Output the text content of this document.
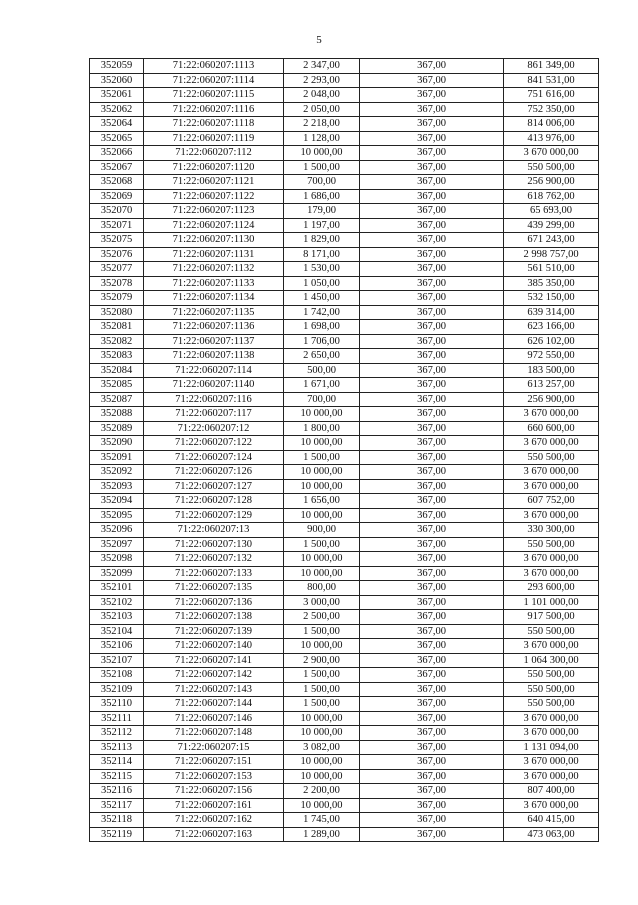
5
352059	71:22:060207:1113	2 347,00	367,00	861 349,00
352060	71:22:060207:1114	2 293,00	367,00	841 531,00
352061	71:22:060207:1115	2 048,00	367,00	751 616,00
352062	71:22:060207:1116	2 050,00	367,00	752 350,00
352064	71:22:060207:1118	2 218,00	367,00	814 006,00
352065	71:22:060207:1119	1 128,00	367,00	413 976,00
352066	71:22:060207:112	10 000,00	367,00	3 670 000,00
352067	71:22:060207:1120	1 500,00	367,00	550 500,00
352068	71:22:060207:1121	700,00	367,00	256 900,00
352069	71:22:060207:1122	1 686,00	367,00	618 762,00
352070	71:22:060207:1123	179,00	367,00	65 693,00
352071	71:22:060207:1124	1 197,00	367,00	439 299,00
352075	71:22:060207:1130	1 829,00	367,00	671 243,00
352076	71:22:060207:1131	8 171,00	367,00	2 998 757,00
352077	71:22:060207:1132	1 530,00	367,00	561 510,00
352078	71:22:060207:1133	1 050,00	367,00	385 350,00
352079	71:22:060207:1134	1 450,00	367,00	532 150,00
352080	71:22:060207:1135	1 742,00	367,00	639 314,00
352081	71:22:060207:1136	1 698,00	367,00	623 166,00
352082	71:22:060207:1137	1 706,00	367,00	626 102,00
352083	71:22:060207:1138	2 650,00	367,00	972 550,00
352084	71:22:060207:114	500,00	367,00	183 500,00
352085	71:22:060207:1140	1 671,00	367,00	613 257,00
352087	71:22:060207:116	700,00	367,00	256 900,00
352088	71:22:060207:117	10 000,00	367,00	3 670 000,00
352089	71:22:060207:12	1 800,00	367,00	660 600,00
352090	71:22:060207:122	10 000,00	367,00	3 670 000,00
352091	71:22:060207:124	1 500,00	367,00	550 500,00
352092	71:22:060207:126	10 000,00	367,00	3 670 000,00
352093	71:22:060207:127	10 000,00	367,00	3 670 000,00
352094	71:22:060207:128	1 656,00	367,00	607 752,00
352095	71:22:060207:129	10 000,00	367,00	3 670 000,00
352096	71:22:060207:13	900,00	367,00	330 300,00
352097	71:22:060207:130	1 500,00	367,00	550 500,00
352098	71:22:060207:132	10 000,00	367,00	3 670 000,00
352099	71:22:060207:133	10 000,00	367,00	3 670 000,00
352101	71:22:060207:135	800,00	367,00	293 600,00
352102	71:22:060207:136	3 000,00	367,00	1 101 000,00
352103	71:22:060207:138	2 500,00	367,00	917 500,00
352104	71:22:060207:139	1 500,00	367,00	550 500,00
352106	71:22:060207:140	10 000,00	367,00	3 670 000,00
352107	71:22:060207:141	2 900,00	367,00	1 064 300,00
352108	71:22:060207:142	1 500,00	367,00	550 500,00
352109	71:22:060207:143	1 500,00	367,00	550 500,00
352110	71:22:060207:144	1 500,00	367,00	550 500,00
352111	71:22:060207:146	10 000,00	367,00	3 670 000,00
352112	71:22:060207:148	10 000,00	367,00	3 670 000,00
352113	71:22:060207:15	3 082,00	367,00	1 131 094,00
352114	71:22:060207:151	10 000,00	367,00	3 670 000,00
352115	71:22:060207:153	10 000,00	367,00	3 670 000,00
352116	71:22:060207:156	2 200,00	367,00	807 400,00
352117	71:22:060207:161	10 000,00	367,00	3 670 000,00
352118	71:22:060207:162	1 745,00	367,00	640 415,00
352119	71:22:060207:163	1 289,00	367,00	473 063,00
